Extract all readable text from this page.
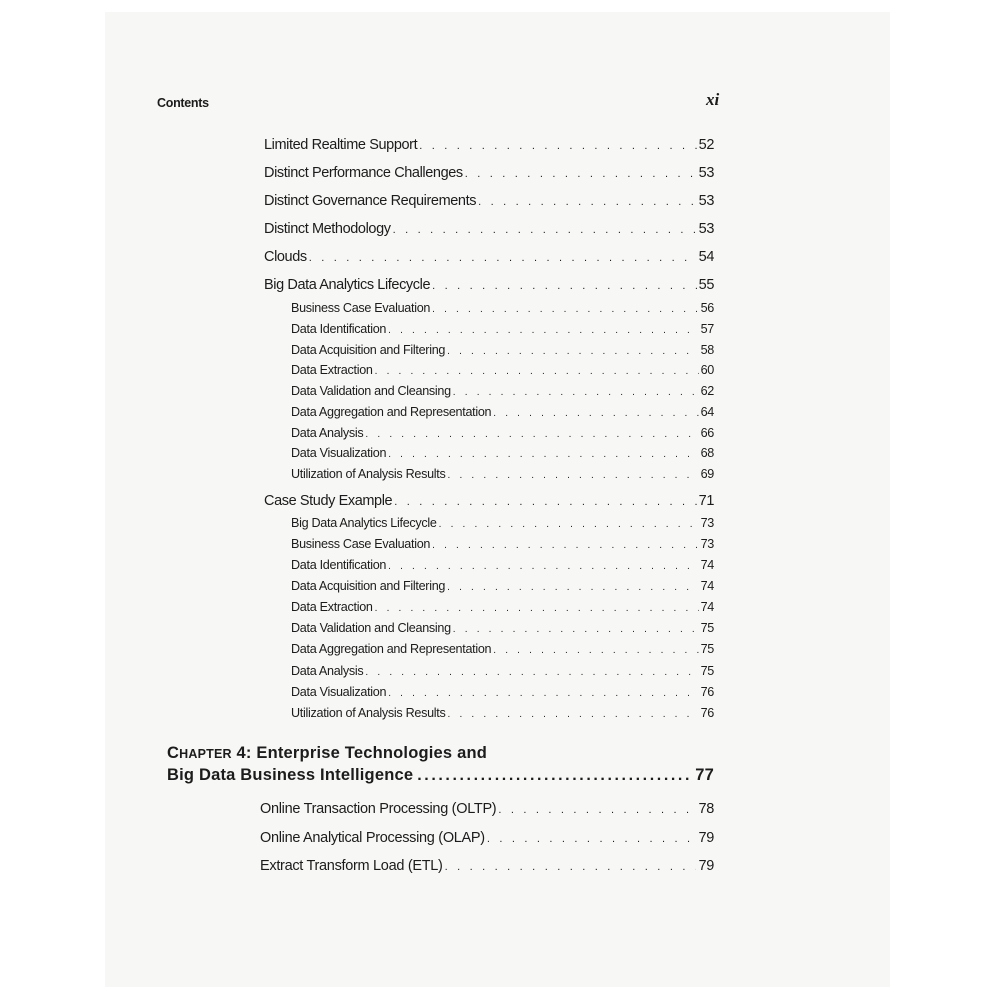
Contents	xi
Limited Realtime Support . . .	52
Distinct Performance Challenges . . .	53
Distinct Governance Requirements . . .	53
Distinct Methodology . . .	53
Clouds . . .	54
Big Data Analytics Lifecycle . . .	55
Business Case Evaluation . . .	56
Data Identification . . .	57
Data Acquisition and Filtering . . .	58
Data Extraction . . .	60
Data Validation and Cleansing . . .	62
Data Aggregation and Representation . . .	64
Data Analysis . . .	66
Data Visualization . . .	68
Utilization of Analysis Results . . .	69
Case Study Example . . .	71
Big Data Analytics Lifecycle . . .	73
Business Case Evaluation . . .	73
Data Identification . . .	74
Data Acquisition and Filtering . . .	74
Data Extraction . . .	74
Data Validation and Cleansing . . .	75
Data Aggregation and Representation . . .	75
Data Analysis . . .	75
Data Visualization . . .	76
Utilization of Analysis Results . . .	76
CHAPTER 4: Enterprise Technologies and
Big Data Business Intelligence .....	77
Online Transaction Processing (OLTP) . . .	78
Online Analytical Processing (OLAP) . . .	79
Extract Transform Load (ETL) . . .	79
